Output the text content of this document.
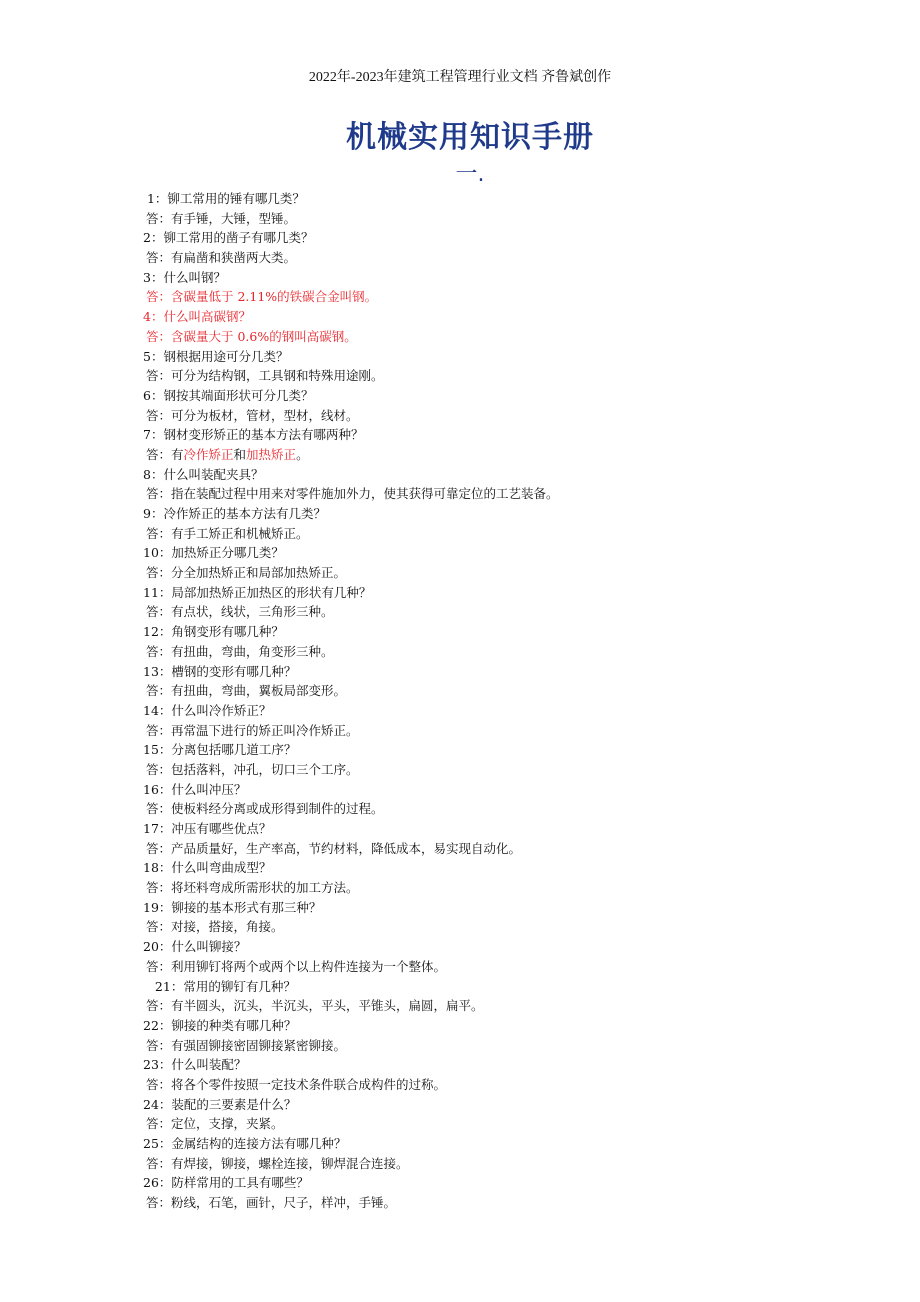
2022年-2023年建筑工程管理行业文档 齐鲁斌创作
机械实用知识手册
一.
1：铆工常用的锤有哪几类？
答：有手锤，大锤，型锤。
2：铆工常用的凿子有哪几类？
答：有扁凿和狭凿两大类。
3：什么叫钢？
答：含碳量低于 2.11%的铁碳合金叫钢。
4：什么叫高碳钢？
答：含碳量大于 0.6%的钢叫高碳钢。
5：钢根据用途可分几类？
答：可分为结构钢，工具钢和特殊用途刚。
6：钢按其端面形状可分几类？
答：可分为板材，管材，型材，线材。
7：钢材变形矫正的基本方法有哪两种？
答：有冷作矫正和加热矫正。
8：什么叫装配夹具？
答：指在装配过程中用来对零件施加外力，使其获得可靠定位的工艺装备。
9：冷作矫正的基本方法有几类？
答：有手工矫正和机械矫正。
10：加热矫正分哪几类？
答：分全加热矫正和局部加热矫正。
11：局部加热矫正加热区的形状有几种？
答：有点状，线状，三角形三种。
12：角钢变形有哪几种？
答：有扭曲，弯曲，角变形三种。
13：槽钢的变形有哪几种？
答：有扭曲，弯曲，翼板局部变形。
14：什么叫冷作矫正？
答：再常温下进行的矫正叫冷作矫正。
15：分离包括哪几道工序？
答：包括落料，冲孔，切口三个工序。
16：什么叫冲压？
答：使板料经分离或成形得到制件的过程。
17：冲压有哪些优点？
答：产品质量好，生产率高，节约材料，降低成本，易实现自动化。
18：什么叫弯曲成型？
答：将坯料弯成所需形状的加工方法。
19：铆接的基本形式有那三种？
答：对接，搭接，角接。
20：什么叫铆接？
答：利用铆钉将两个或两个以上构件连接为一个整体。
21：常用的铆钉有几种？
答：有半圆头，沉头，半沉头，平头，平锥头，扁圆，扁平。
22：铆接的种类有哪几种？
答：有强固铆接密固铆接紧密铆接。
23：什么叫装配？
答：将各个零件按照一定技术条件联合成构件的过称。
24：装配的三要素是什么？
答：定位，支撑，夹紧。
25：金属结构的连接方法有哪几种？
答：有焊接，铆接，螺栓连接，铆焊混合连接。
26：防样常用的工具有哪些？
答：粉线，石笔，画针，尺子，样冲，手锤。
